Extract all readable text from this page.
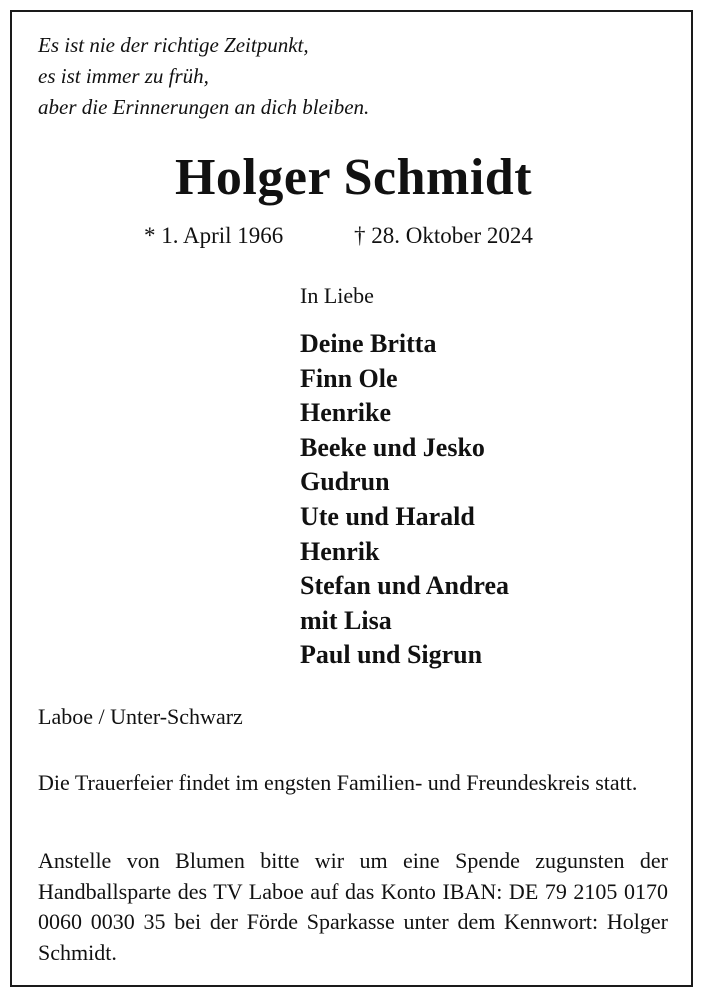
Es ist nie der richtige Zeitpunkt,
es ist immer zu früh,
aber die Erinnerungen an dich bleiben.
Holger Schmidt
* 1. April 1966	† 28. Oktober 2024
In Liebe
Deine Britta
Finn Ole
Henrike
Beeke und Jesko
Gudrun
Ute und Harald
Henrik
Stefan und Andrea
mit Lisa
Paul und Sigrun
Laboe / Unter-Schwarz
Die Trauerfeier findet im engsten Familien- und Freundeskreis statt.
Anstelle von Blumen bitte wir um eine Spende zugunsten der Handballsparte des TV Laboe auf das Konto IBAN: DE 79 2105 0170 0060 0030 35 bei der Förde Sparkasse unter dem Kennwort: Holger Schmidt.
